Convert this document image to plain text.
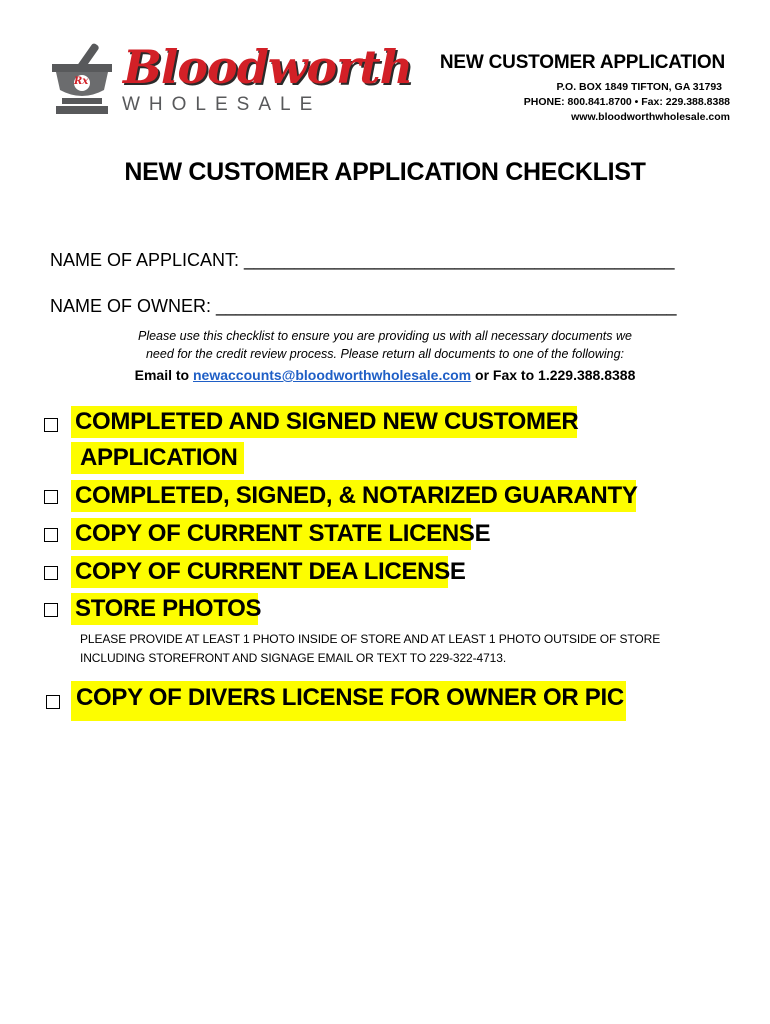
Rx Bloodworth
WHOLESALE
NEW CUSTOMER APPLICATION
P.O. BOX 1849 TIFTON, GA 31793
PHONE: 800.841.8700 • Fax: 229.388.8388
www.bloodworthwholesale.com
NEW CUSTOMER APPLICATION CHECKLIST
NAME OF APPLICANT: ___________________________________________
NAME OF OWNER: ______________________________________________
Please use this checklist to ensure you are providing us with all necessary documents we
need for the credit review process. Please return all documents to one of the following:
Email to newaccounts@bloodworthwholesale.com or Fax to 1.229.388.8388
COMPLETED AND SIGNED NEW CUSTOMER
APPLICATION
COMPLETED, SIGNED, & NOTARIZED GUARANTY
COPY OF CURRENT STATE LICENSE
COPY OF CURRENT DEA LICENSE
STORE PHOTOS
PLEASE PROVIDE AT LEAST 1 PHOTO INSIDE OF STORE AND AT LEAST 1 PHOTO OUTSIDE OF STORE
INCLUDING STOREFRONT AND SIGNAGE EMAIL OR TEXT TO 229-322-4713.
COPY OF DIVERS LICENSE FOR OWNER OR PIC
